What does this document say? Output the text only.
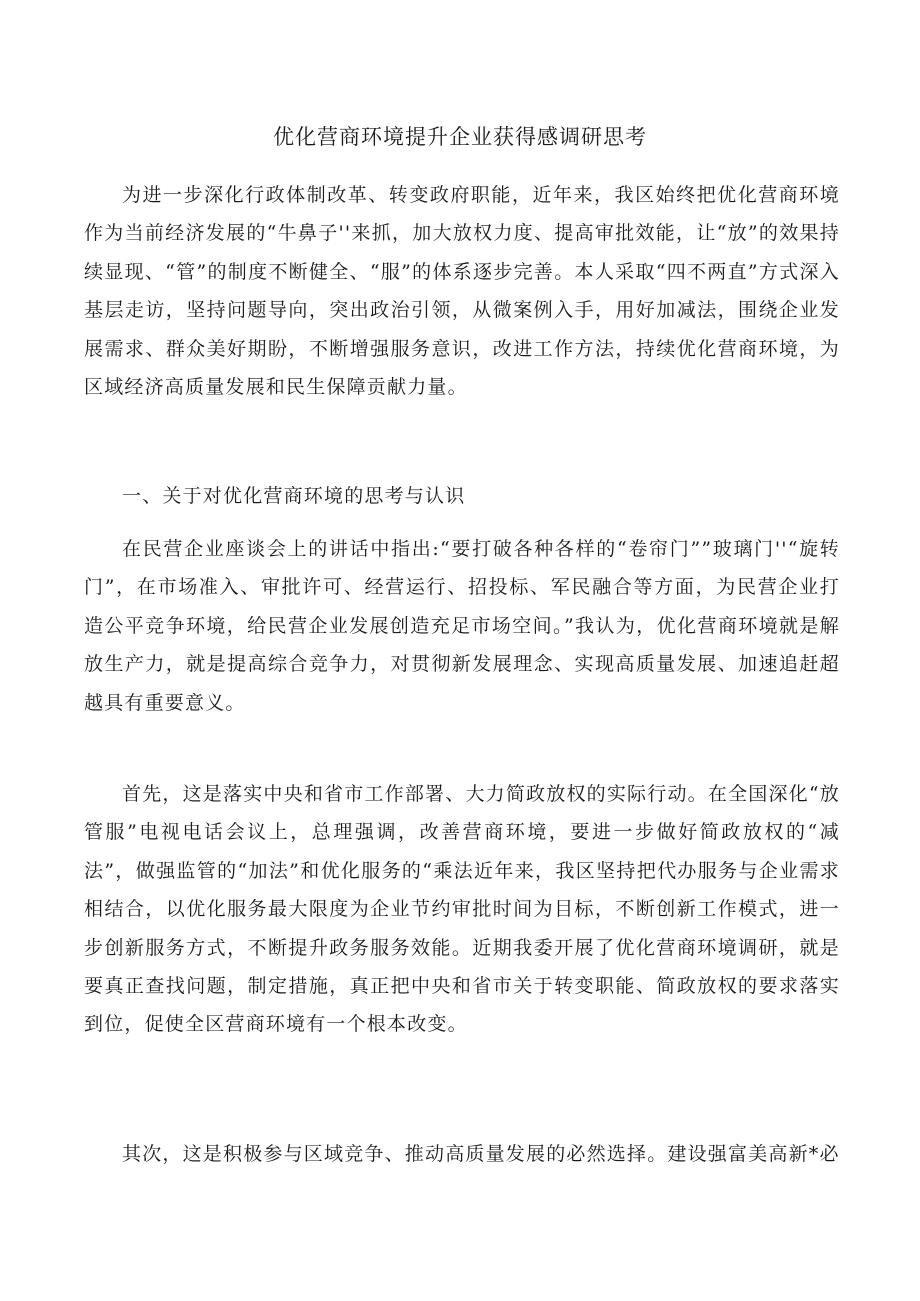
优化营商环境提升企业获得感调研思考
为进一步深化行政体制改革、转变政府职能，近年来，我区始终把优化营商环境作为当前经济发展的“牛鼻子''来抓，加大放权力度、提高审批效能，让“放”的效果持续显现、“管”的制度不断健全、“服”的体系逐步完善。本人采取“四不两直”方式深入基层走访，坚持问题导向，突出政治引领，从微案例入手，用好加减法，围绕企业发展需求、群众美好期盼，不断增强服务意识，改进工作方法，持续优化营商环境，为区域经济高质量发展和民生保障贡献力量。
一、关于对优化营商环境的思考与认识
在民营企业座谈会上的讲话中指出:“要打破各种各样的“卷帘门””玻璃门''“旋转门”，在市场准入、审批许可、经营运行、招投标、军民融合等方面，为民营企业打造公平竞争环境，给民营企业发展创造充足市场空间。”我认为，优化营商环境就是解放生产力，就是提高综合竞争力，对贯彻新发展理念、实现高质量发展、加速追赶超越具有重要意义。
首先，这是落实中央和省市工作部署、大力简政放权的实际行动。在全国深化“放管服”电视电话会议上，总理强调，改善营商环境，要进一步做好简政放权的“减法”，做强监管的“加法”和优化服务的“乘法近年来，我区坚持把代办服务与企业需求相结合，以优化服务最大限度为企业节约审批时间为目标，不断创新工作模式，进一步创新服务方式，不断提升政务服务效能。近期我委开展了优化营商环境调研，就是要真正查找问题，制定措施，真正把中央和省市关于转变职能、简政放权的要求落实到位，促使全区营商环境有一个根本改变。
其次，这是积极参与区域竞争、推动高质量发展的必然选择。建设强富美高新*必
